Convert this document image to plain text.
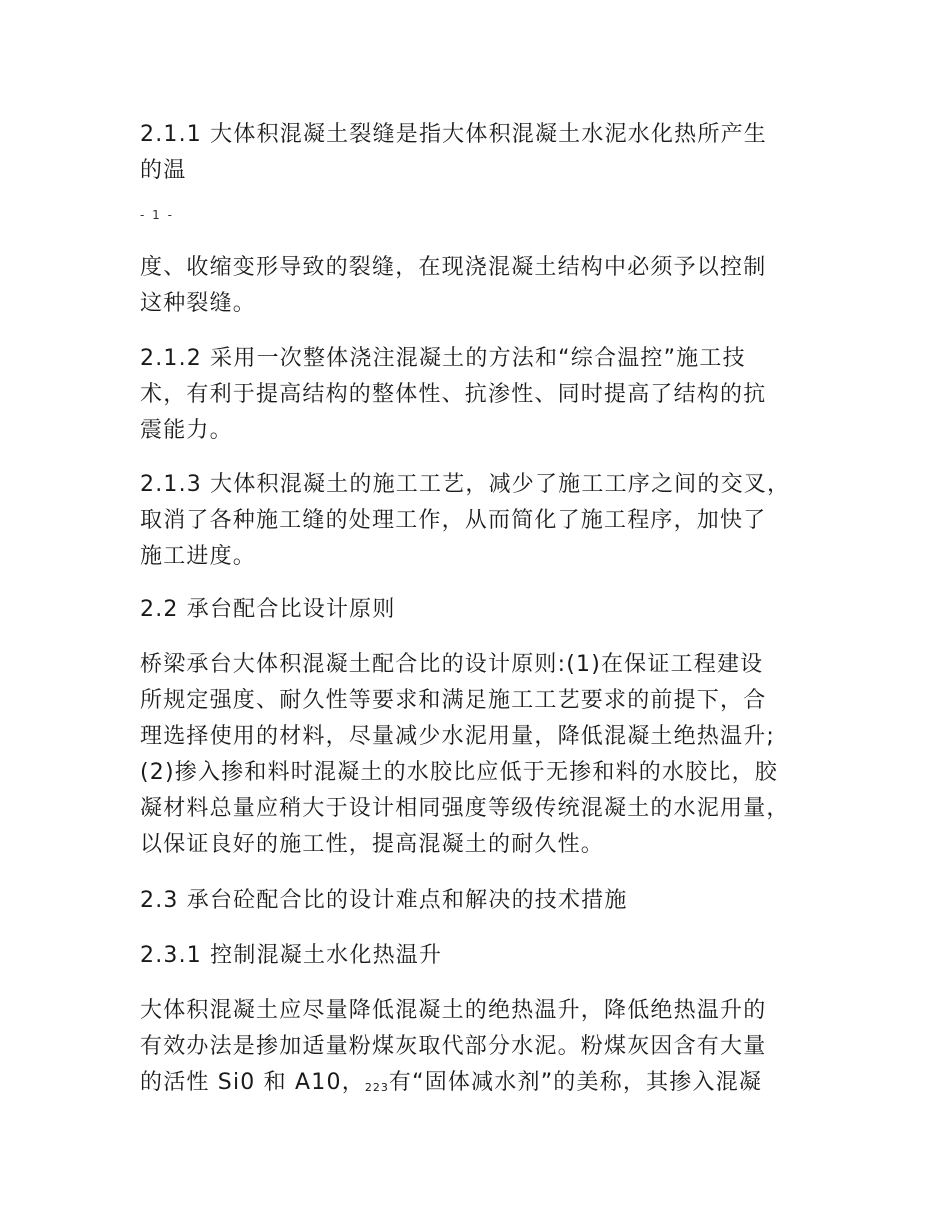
2.1.1 大体积混凝土裂缝是指大体积混凝土水泥水化热所产生
的温

- 1 -

度、收缩变形导致的裂缝，在现浇混凝土结构中必须予以控制
这种裂缝。

2.1.2 采用一次整体浇注混凝土的方法和“综合温控”施工技
术，有利于提高结构的整体性、抗渗性、同时提高了结构的抗
震能力。

2.1.3 大体积混凝土的施工工艺，减少了施工工序之间的交叉，
取消了各种施工缝的处理工作，从而简化了施工程序，加快了
施工进度。

2.2 承台配合比设计原则

桥梁承台大体积混凝土配合比的设计原则:(1)在保证工程建设
所规定强度、耐久性等要求和满足施工工艺要求的前提下，合
理选择使用的材料，尽量减少水泥用量，降低混凝土绝热温升;
(2)掺入掺和料时混凝土的水胶比应低于无掺和料的水胶比，胶
凝材料总量应稍大于设计相同强度等级传统混凝土的水泥用量，
以保证良好的施工性，提高混凝土的耐久性。

2.3 承台砼配合比的设计难点和解决的技术措施

2.3.1 控制混凝土水化热温升

大体积混凝土应尽量降低混凝土的绝热温升，降低绝热温升的
有效办法是掺加适量粉煤灰取代部分水泥。粉煤灰因含有大量
的活性 Si0 和 A10，223有“固体减水剂”的美称，其掺入混凝
